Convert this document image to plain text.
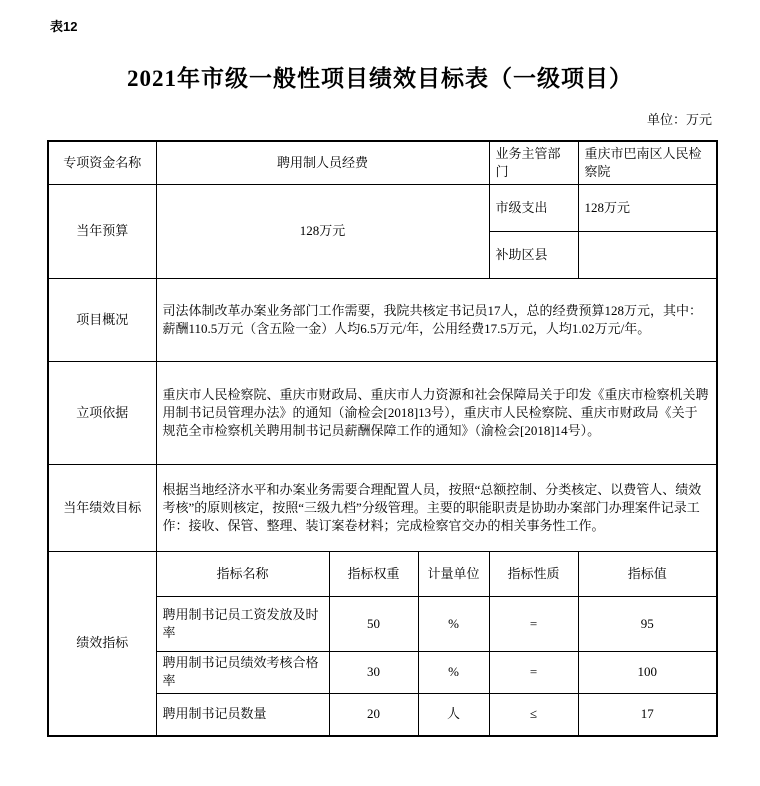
表12
2021年市级一般性项目绩效目标表（一级项目）
单位：万元
专项资金名称	聘用制人员经费			业务主管部门	重庆市巴南区人民检察院
当年预算	128万元			市级支出	128万元
				补助区县	
项目概况	司法体制改革办案业务部门工作需要，我院共核定书记员17人，总的经费预算128万元，其中：薪酬110.5万元（含五险一金）人均6.5万元/年，公用经费17.5万元，人均1.02万元/年。				
立项依据	重庆市人民检察院、重庆市财政局、重庆市人力资源和社会保障局关于印发《重庆市检察机关聘用制书记员管理办法》的通知（渝检会[2018]13号），重庆市人民检察院、重庆市财政局《关于规范全市检察机关聘用制书记员薪酬保障工作的通知》（渝检会[2018]14号）。				
当年绩效目标	根据当地经济水平和办案业务需要合理配置人员，按照“总额控制、分类核定、以费管人、绩效考核”的原则核定，按照“三级九档”分级管理。主要的职能职责是协助办案部门办理案件记录工作：接收、保管、整理、装订案卷材料；完成检察官交办的相关事务性工作。				
绩效指标	指标名称	指标权重	计量单位	指标性质	指标值
	聘用制书记员工资发放及时率	50	%	=	95
	聘用制书记员绩效考核合格率	30	%	=	100
	聘用制书记员数量	20	人	≤	17
